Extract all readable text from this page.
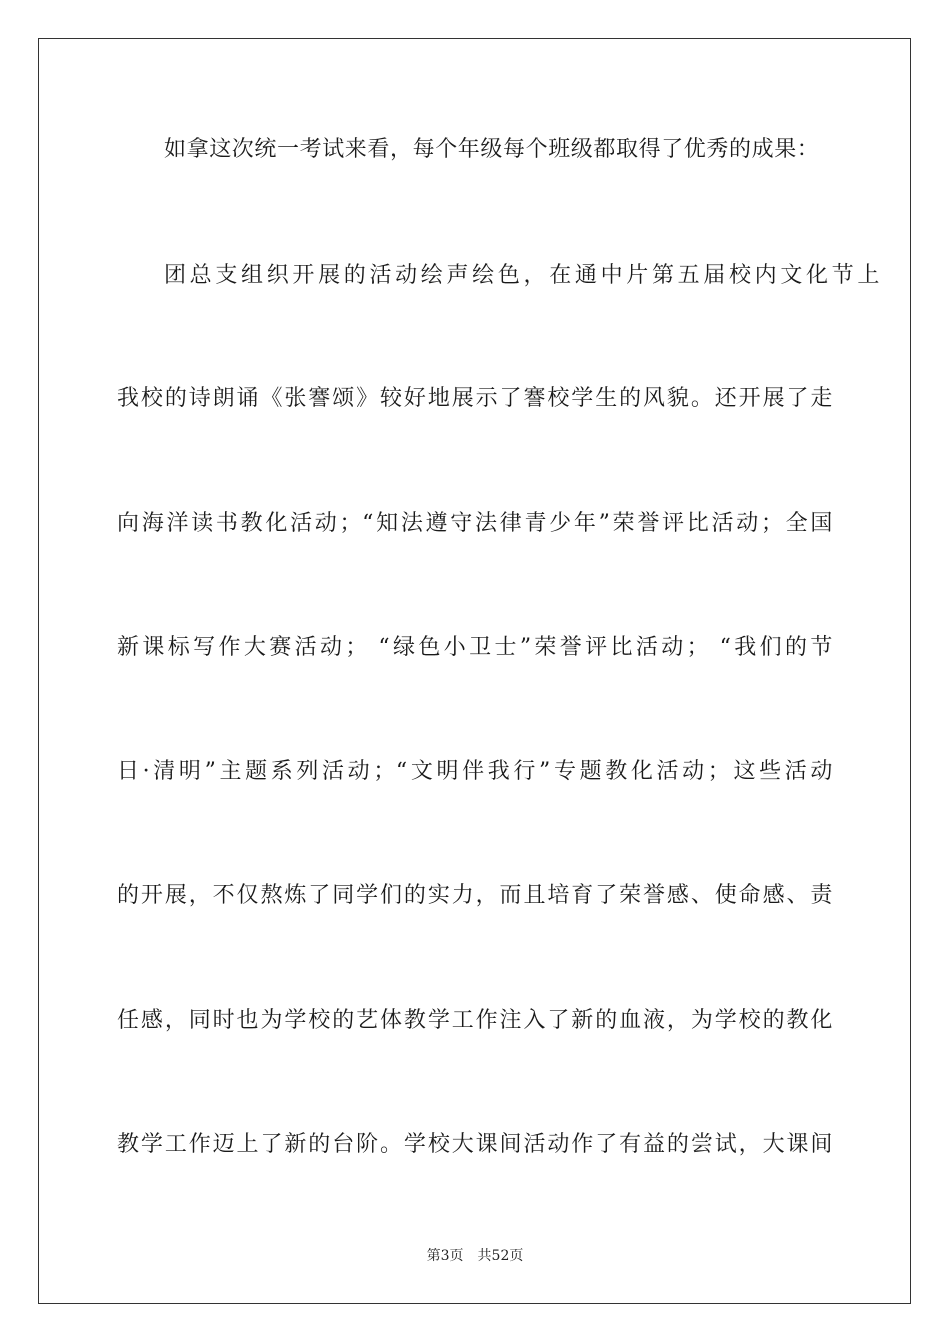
如拿这次统一考试来看，每个年级每个班级都取得了优秀的成果：
团总支组织开展的活动绘声绘色，在通中片第五届校内文化节上
我校的诗朗诵《张謇颂》较好地展示了謇校学生的风貌。还开展了走
向海洋读书教化活动；“知法遵守法律青少年”荣誉评比活动；全国
新课标写作大赛活动； “绿色小卫士”荣誉评比活动； “我们的节
日·清明”主题系列活动；“文明伴我行”专题教化活动；这些活动
的开展，不仅熬炼了同学们的实力，而且培育了荣誉感、使命感、责
任感，同时也为学校的艺体教学工作注入了新的血液，为学校的教化
教学工作迈上了新的台阶。学校大课间活动作了有益的尝试，大课间
第3页 共52页
